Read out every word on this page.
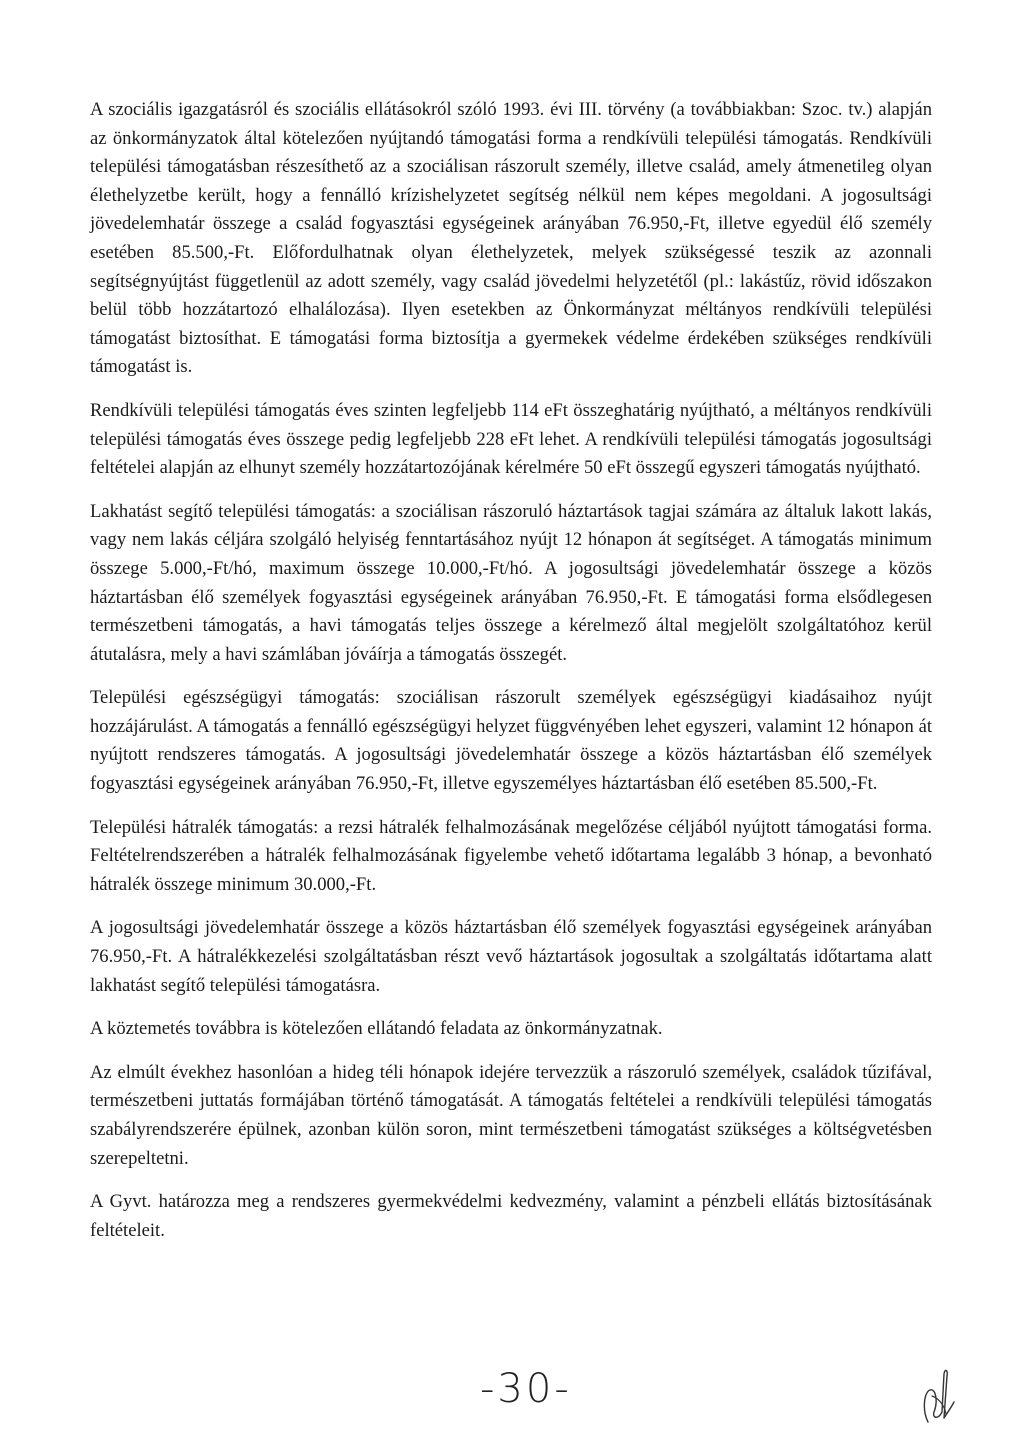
A szociális igazgatásról és szociális ellátásokról szóló 1993. évi III. törvény (a továbbiakban: Szoc. tv.) alapján az önkormányzatok által kötelezően nyújtandó támogatási forma a rendkívüli települési támogatás. Rendkívüli települési támogatásban részesíthető az a szociálisan rászorult személy, illetve család, amely átmenetileg olyan élethelyzetbe került, hogy a fennálló krízishelyzetet segítség nélkül nem képes megoldani. A jogosultsági jövedelemhatár összege a család fogyasztási egységeinek arányában 76.950,-Ft, illetve egyedül élő személy esetében 85.500,-Ft. Előfordulhatnak olyan élethelyzetek, melyek szükségessé teszik az azonnali segítségnyújtást függetlenül az adott személy, vagy család jövedelmi helyzetétől (pl.: lakástűz, rövid időszakon belül több hozzátartozó elhalálozása). Ilyen esetekben az Önkormányzat méltányos rendkívüli települési támogatást biztosíthat. E támogatási forma biztosítja a gyermekek védelme érdekében szükséges rendkívüli támogatást is.

Rendkívüli települési támogatás éves szinten legfeljebb 114 eFt összeghatárig nyújtható, a méltányos rendkívüli települési támogatás éves összege pedig legfeljebb 228 eFt lehet. A rendkívüli települési támogatás jogosultsági feltételei alapján az elhunyt személy hozzátartozójának kérelmére 50 eFt összegű egyszeri támogatás nyújtható.

Lakhatást segítő települési támogatás: a szociálisan rászoruló háztartások tagjai számára az általuk lakott lakás, vagy nem lakás céljára szolgáló helyiség fenntartásához nyújt 12 hónapon át segítséget. A támogatás minimum összege 5.000,-Ft/hó, maximum összege 10.000,-Ft/hó. A jogosultsági jövedelemhatár összege a közös háztartásban élő személyek fogyasztási egységeinek arányában 76.950,-Ft. E támogatási forma elsődlegesen természetbeni támogatás, a havi támogatás teljes összege a kérelmező által megjelölt szolgáltatóhoz kerül átutalásra, mely a havi számlában jóváírja a támogatás összegét.

Települési egészségügyi támogatás: szociálisan rászorult személyek egészségügyi kiadásaihoz nyújt hozzájárulást. A támogatás a fennálló egészségügyi helyzet függvényében lehet egyszeri, valamint 12 hónapon át nyújtott rendszeres támogatás. A jogosultsági jövedelemhatár összege a közös háztartásban élő személyek fogyasztási egységeinek arányában 76.950,-Ft, illetve egyszemélyes háztartásban élő esetében 85.500,-Ft.

Települési hátralék támogatás: a rezsi hátralék felhalmozásának megelőzése céljából nyújtott támogatási forma. Feltételrendszerében a hátralék felhalmozásának figyelembe vehető időtartama legalább 3 hónap, a bevonható hátralék összege minimum 30.000,-Ft.

A jogosultsági jövedelemhatár összege a közös háztartásban élő személyek fogyasztási egységeinek arányában 76.950,-Ft. A hátralékkezelési szolgáltatásban részt vevő háztartások jogosultak a szolgáltatás időtartama alatt lakhatást segítő települési támogatásra.

A köztemetés továbbra is kötelezően ellátandó feladata az önkormányzatnak.

Az elmúlt évekhez hasonlóan a hideg téli hónapok idejére tervezzük a rászoruló személyek, családok tűzifával, természetbeni juttatás formájában történő támogatását. A támogatás feltételei a rendkívüli települési támogatás szabályrendszerére épülnek, azonban külön soron, mint természetbeni támogatást szükséges a költségvetésben szerepeltetni.

A Gyvt. határozza meg a rendszeres gyermekvédelmi kedvezmény, valamint a pénzbeli ellátás biztosításának feltételeit.

-30-
